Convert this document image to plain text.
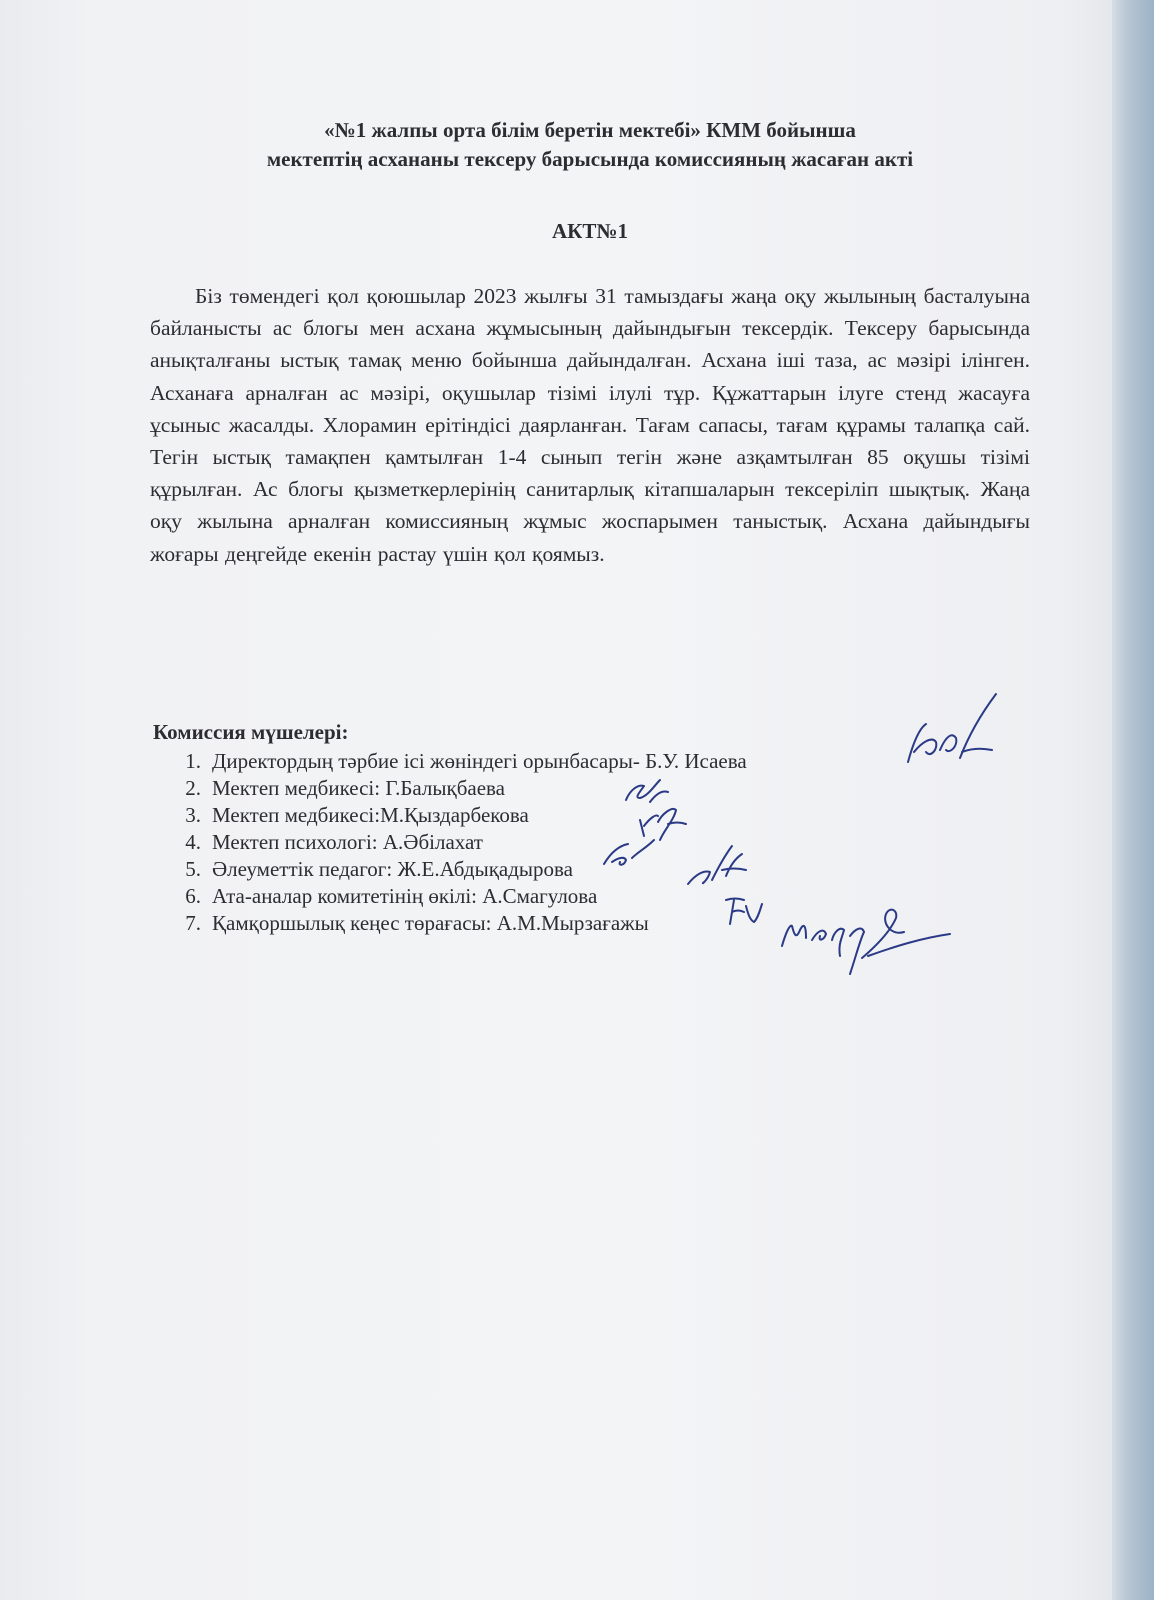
«№1 жалпы орта білім беретін мектебі» КММ бойынша

мектептің асхананы тексеру барысында комиссияның жасаған акті

АКТ№1

Біз төмендегі қол қоюшылар 2023 жылғы 31 тамыздағы жаңа оқу жылының басталуына байланысты ас блогы мен асхана жұмысының дайындығын тексердік. Тексеру барысында анықталғаны ыстық тамақ меню бойынша дайындалған. Асхана іші таза, ас мәзірі ілінген. Асханаға арналған ас мәзірі, оқушылар тізімі ілулі тұр. Құжаттарын ілуге стенд жасауға ұсыныс жасалды. Хлорамин ерітіндісі даярланған. Тағам сапасы, тағам құрамы талапқа сай. Тегін ыстық тамақпен қамтылған 1-4 сынып тегін және азқамтылған 85 оқушы тізімі құрылған. Ас блогы қызметкерлерінің санитарлық кітапшаларын тексеріліп шықтық. Жаңа оқу жылына арналған комиссияның жұмыс жоспарымен таныстық. Асхана дайындығы жоғары деңгейде екенін растау үшін қол қоямыз.

Комиссия мүшелері:

1. Директордың тәрбие ісі жөніндегі орынбасары- Б.У. Исаева
2. Мектеп медбикесі: Г.Балықбаева
3. Мектеп медбикесі:М.Қыздарбекова
4. Мектеп психологі: А.Әбілахат
5. Әлеуметтік педагог: Ж.Е.Абдықадырова
6. Ата-аналар комитетінің өкілі: А.Смагулова
7. Қамқоршылық кеңес төрағасы: А.М.Мырзағажы
